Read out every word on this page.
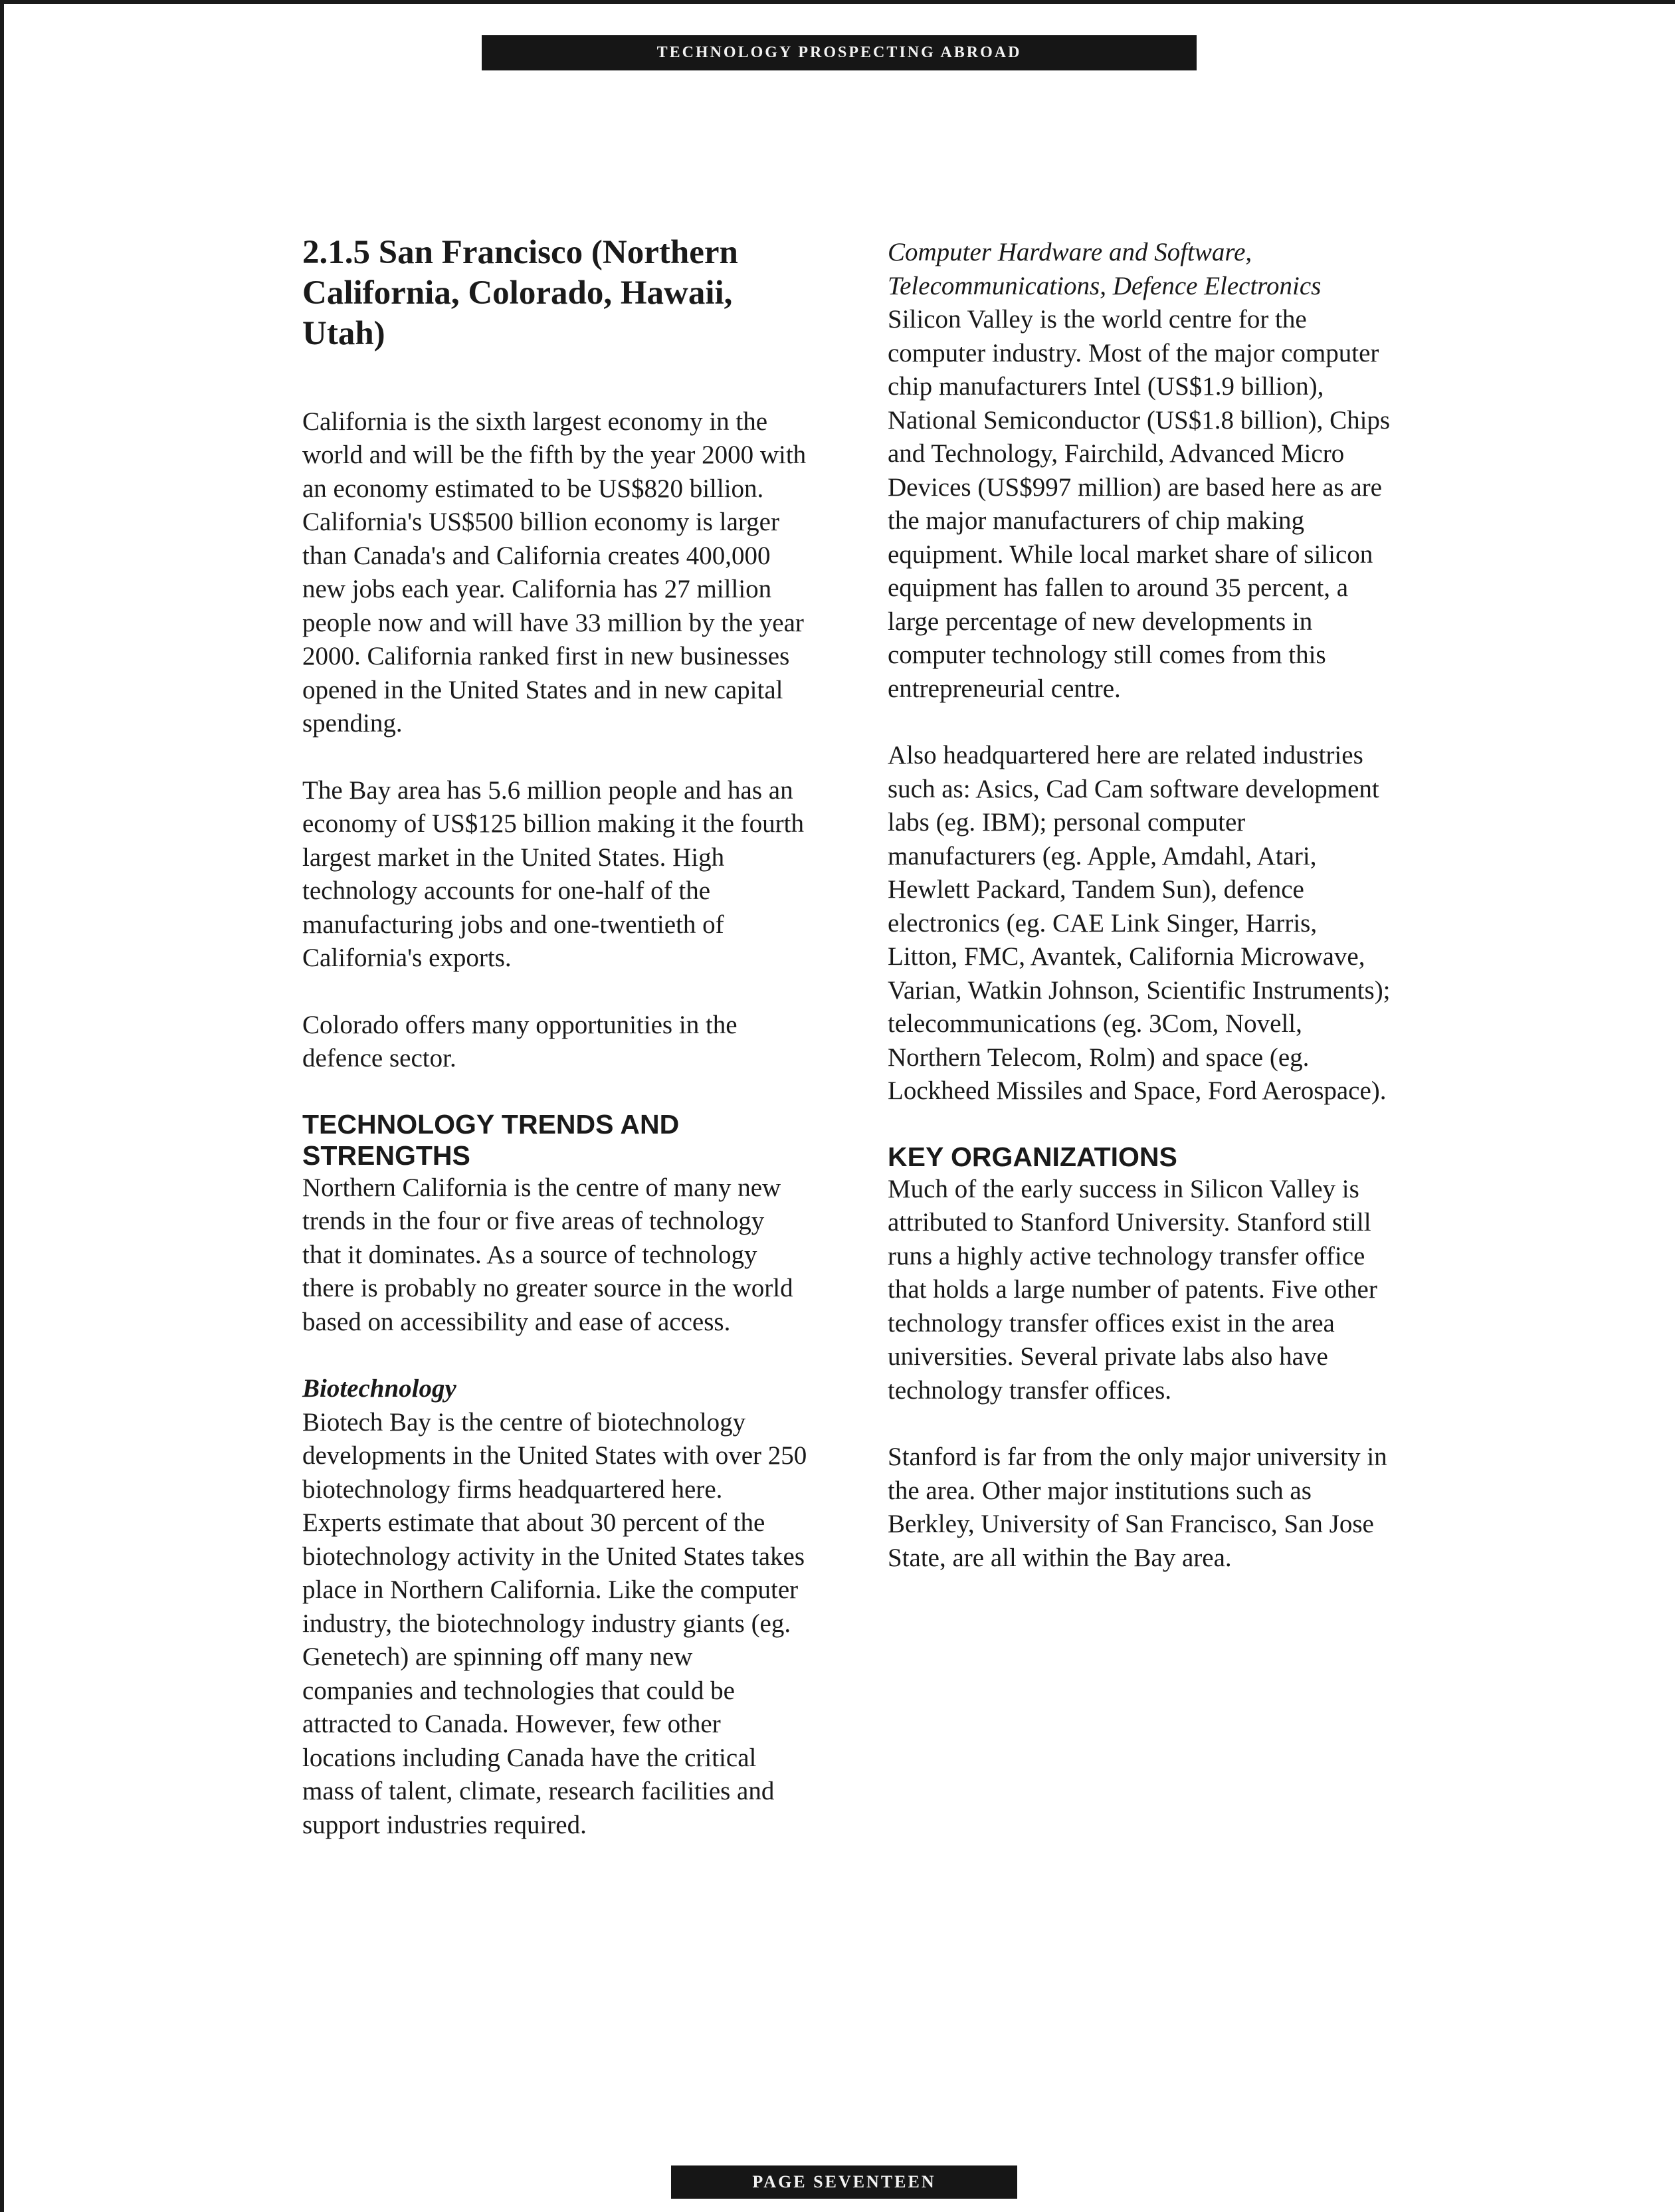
TECHNOLOGY PROSPECTING ABROAD
2.1.5 San Francisco (Northern California, Colorado, Hawaii, Utah)

California is the sixth largest economy in the world and will be the fifth by the year 2000 with an economy estimated to be US$820 billion. California's US$500 billion economy is larger than Canada's and California creates 400,000 new jobs each year. California has 27 million people now and will have 33 million by the year 2000. California ranked first in new businesses opened in the United States and in new capital spending.

The Bay area has 5.6 million people and has an economy of US$125 billion making it the fourth largest market in the United States. High technology accounts for one-half of the manufacturing jobs and one-twentieth of California's exports.

Colorado offers many opportunities in the defence sector.

TECHNOLOGY TRENDS AND STRENGTHS

Northern California is the centre of many new trends in the four or five areas of technology that it dominates. As a source of technology there is probably no greater source in the world based on accessibility and ease of access.

Biotechnology

Biotech Bay is the centre of biotechnology developments in the United States with over 250 biotechnology firms headquartered here. Experts estimate that about 30 percent of the biotechnology activity in the United States takes place in Northern California. Like the computer industry, the biotechnology industry giants (eg. Genetech) are spinning off many new companies and technologies that could be attracted to Canada. However, few other locations including Canada have the critical mass of talent, climate, research facilities and support industries required.

Computer Hardware and Software, Telecommunications, Defence Electronics

Silicon Valley is the world centre for the computer industry. Most of the major computer chip manufacturers Intel (US$1.9 billion), National Semiconductor (US$1.8 billion), Chips and Technology, Fairchild, Advanced Micro Devices (US$997 million) are based here as are the major manufacturers of chip making equipment. While local market share of silicon equipment has fallen to around 35 percent, a large percentage of new developments in computer technology still comes from this entrepreneurial centre.

Also headquartered here are related industries such as: Asics, Cad Cam software development labs (eg. IBM); personal computer manufacturers (eg. Apple, Amdahl, Atari, Hewlett Packard, Tandem Sun), defence electronics (eg. CAE Link Singer, Harris, Litton, FMC, Avantek, California Microwave, Varian, Watkin Johnson, Scientific Instruments); telecommunications (eg. 3Com, Novell, Northern Telecom, Rolm) and space (eg. Lockheed Missiles and Space, Ford Aerospace).

KEY ORGANIZATIONS

Much of the early success in Silicon Valley is attributed to Stanford University. Stanford still runs a highly active technology transfer office that holds a large number of patents. Five other technology transfer offices exist in the area universities. Several private labs also have technology transfer offices.

Stanford is far from the only major university in the area. Other major institutions such as Berkley, University of San Francisco, San Jose State, are all within the Bay area.

PAGE SEVENTEEN
